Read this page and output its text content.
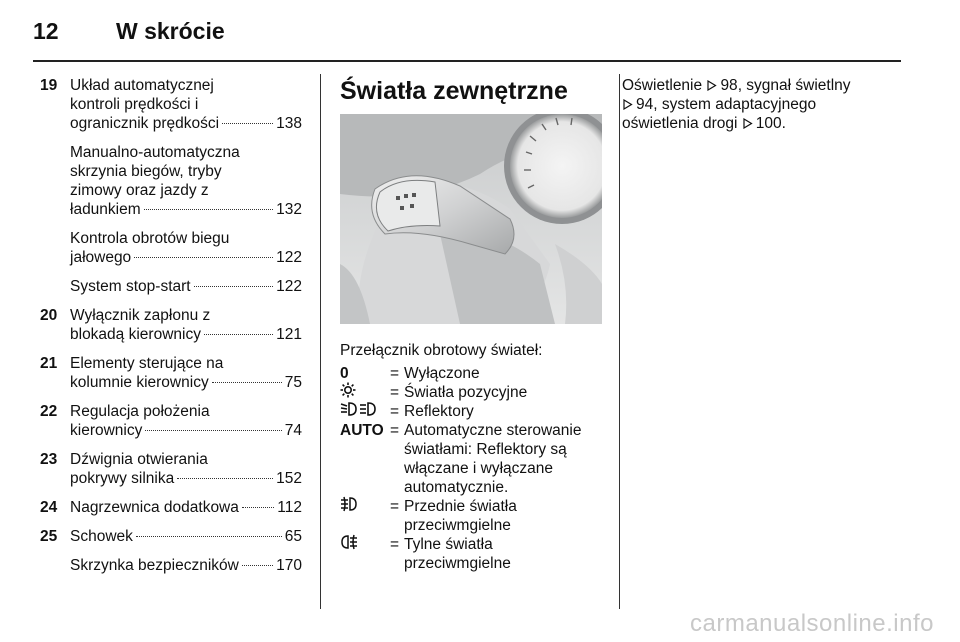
12 W skrócie
19 Układ automatycznej
kontroli prędkości i
ogranicznik prędkości	138
Manualno-automatyczna
skrzynia biegów, tryby
zimowy oraz jazdy z
ładunkiem	132
Kontrola obrotów biegu
jałowego	122
System stop-start	122
20 Wyłącznik zapłonu z
blokadą kierownicy	121
21 Elementy sterujące na
kolumnie kierownicy	75
22 Regulacja położenia
kierownicy	74
23 Dźwignia otwierania
pokrywy silnika	152
24 Nagrzewnica dodatkowa 112
25 Schowek	65
Skrzynka bezpieczników 170
Światła zewnętrzne
Przełącznik obrotowy świateł:
0	= Wyłączone
= Światła pozycyjne
= Reflektory
AUTO = Automatyczne sterowanie
światłami: Reflektory są
włączane i wyłączane
automatycznie.
= Przednie światła
przeciwmgielne
= Tylne światła
przeciwmgielne
Oświetlenie 98, sygnał świetlny
94, system adaptacyjnego
oświetlenia drogi 100.
carmanualsonline.info
